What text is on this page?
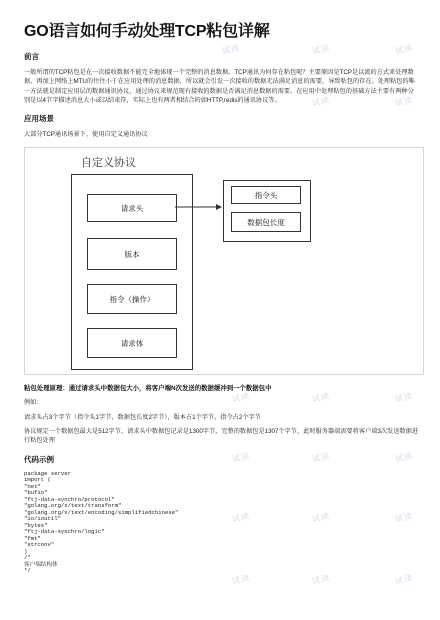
试读	试读	试读
试读	试读
试读	试读	试读
试读	试读	试读
试读	试读	试读
试读	试读	试读
GO语言如何手动处理TCP粘包详解
前言
一般所谓的TCP粘包是在一次接收数据不能完全地体现一个完整的消息数据。TCP通讯为何存在粘包呢？主要原因是TCP是以流的方式来处理数据，再加上网络上MTU的往往小于在应用处理的消息数据，所以就会引发一次接收的数据无法满足消息的需要，导致粘包的存在。处理粘包的唯一方法就是制定应用层的数据通讯协议，通过协议来规范现有接收的数据是否满足消息数据的需要。在应用中处理粘包的基础方法主要有两种分别是以4节字描述消息大小或以结束符，实际上也有两者相结合的如HTTP,redis的通讯协议等。
应用场景
大部分TCP通讯场景下，使用自定义通讯协议
自定义协议
请求头
版本
指令（操作）
请求体
指令头
数据包长度
粘包处理原理：通过请求头中数据包大小，将客户端N次发送的数据缓冲到一个数据包中
例如：
请求头占3个字节（指令头1字节、数据包长度2字节），版本占1个字节，指令占2个字节
协议规定一个数据包最大是512字节，请求头中数据包记录是1300字节，完整的数据包是1307个字节，此时服务器端需要将客户端3次发送数据进行粘包处理
代码示例
package server
import (
"net"
"bufio"
"ftj-data-synchro/protocol"
"golang.org/x/text/transform"
"golang.org/x/text/encoding/simplifiedchinese"
"io/ioutil"
"bytes"
"ftj-data-synchro/logic"
"fmt"
"strconv"
)
/*
客户端结构体
*/
